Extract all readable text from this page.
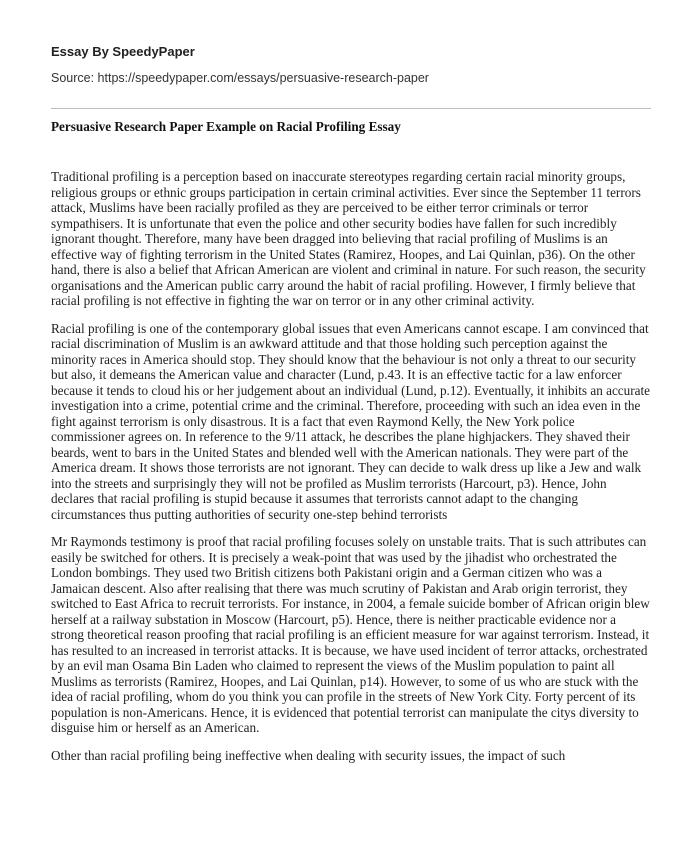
Essay By SpeedyPaper
Source: https://speedypaper.com/essays/persuasive-research-paper
Persuasive Research Paper Example on Racial Profiling Essay

Traditional profiling is a perception based on inaccurate stereotypes regarding certain racial minority groups, religious groups or ethnic groups participation in certain criminal activities. Ever since the September 11 terrors attack, Muslims have been racially profiled as they are perceived to be either terror criminals or terror sympathisers. It is unfortunate that even the police and other security bodies have fallen for such incredibly ignorant thought. Therefore, many have been dragged into believing that racial profiling of Muslims is an effective way of fighting terrorism in the United States (Ramirez, Hoopes, and Lai Quinlan, p36). On the other hand, there is also a belief that African American are violent and criminal in nature. For such reason, the security organisations and the American public carry around the habit of racial profiling. However, I firmly believe that racial profiling is not effective in fighting the war on terror or in any other criminal activity.

Racial profiling is one of the contemporary global issues that even Americans cannot escape. I am convinced that racial discrimination of Muslim is an awkward attitude and that those holding such perception against the minority races in America should stop. They should know that the behaviour is not only a threat to our security but also, it demeans the American value and character (Lund, p.43. It is an effective tactic for a law enforcer because it tends to cloud his or her judgement about an individual (Lund, p.12). Eventually, it inhibits an accurate investigation into a crime, potential crime and the criminal. Therefore, proceeding with such an idea even in the fight against terrorism is only disastrous. It is a fact that even Raymond Kelly, the New York police commissioner agrees on. In reference to the 9/11 attack, he describes the plane highjackers. They shaved their beards, went to bars in the United States and blended well with the American nationals. They were part of the America dream. It shows those terrorists are not ignorant. They can decide to walk dress up like a Jew and walk into the streets and surprisingly they will not be profiled as Muslim terrorists (Harcourt, p3). Hence, John declares that racial profiling is stupid because it assumes that terrorists cannot adapt to the changing circumstances thus putting authorities of security one-step behind terrorists

Mr Raymonds testimony is proof that racial profiling focuses solely on unstable traits. That is such attributes can easily be switched for others. It is precisely a weak-point that was used by the jihadist who orchestrated the London bombings. They used two British citizens both Pakistani origin and a German citizen who was a Jamaican descent. Also after realising that there was much scrutiny of Pakistan and Arab origin terrorist, they switched to East Africa to recruit terrorists. For instance, in 2004, a female suicide bomber of African origin blew herself at a railway substation in Moscow (Harcourt, p5). Hence, there is neither practicable evidence nor a strong theoretical reason proofing that racial profiling is an efficient measure for war against terrorism. Instead, it has resulted to an increased in terrorist attacks. It is because, we have used incident of terror attacks, orchestrated by an evil man Osama Bin Laden who claimed to represent the views of the Muslim population to paint all Muslims as terrorists (Ramirez, Hoopes, and Lai Quinlan, p14). However, to some of us who are stuck with the idea of racial profiling, whom do you think you can profile in the streets of New York City. Forty percent of its population is non-Americans. Hence, it is evidenced that potential terrorist can manipulate the citys diversity to disguise him or herself as an American.

Other than racial profiling being ineffective when dealing with security issues, the impact of such
